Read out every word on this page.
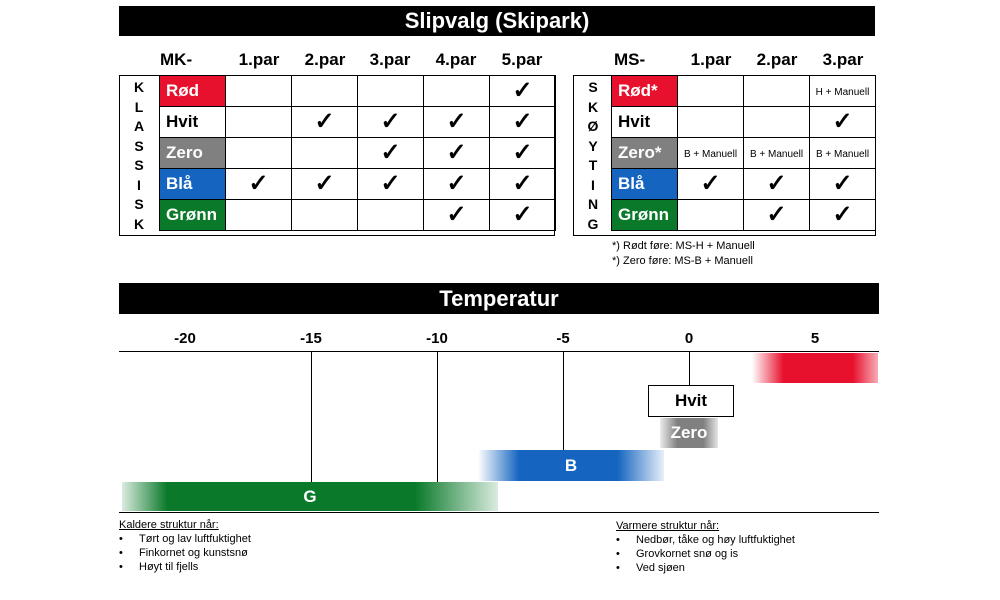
Slipvalg (Skipark)
MK-	1.par	2.par	3.par	4.par	5.par
K
L
A
S
S
I
S
K
Rød					✓
Hvit		✓	✓	✓	✓
Zero			✓	✓	✓
Blå	✓	✓	✓	✓	✓
Grønn				✓	✓
MS-	1.par	2.par	3.par
S
K
Ø
Y
T
I
N
G
Rød*			H + Manuell
Hvit			✓
Zero*	B + Manuell	B + Manuell	B + Manuell
Blå	✓	✓	✓
Grønn		✓	✓
*) Rødt føre: MS-H + Manuell
*) Zero føre: MS-B + Manuell
Temperatur
-20	-15	-10	-5	0	5
Hvit
Zero
B
G
Kaldere struktur når:
• Tørt og lav luftfuktighet
• Finkornet og kunstsnø
• Høyt til fjells
Varmere struktur når:
• Nedbør, tåke og høy luftfuktighet
• Grovkornet snø og is
• Ved sjøen
